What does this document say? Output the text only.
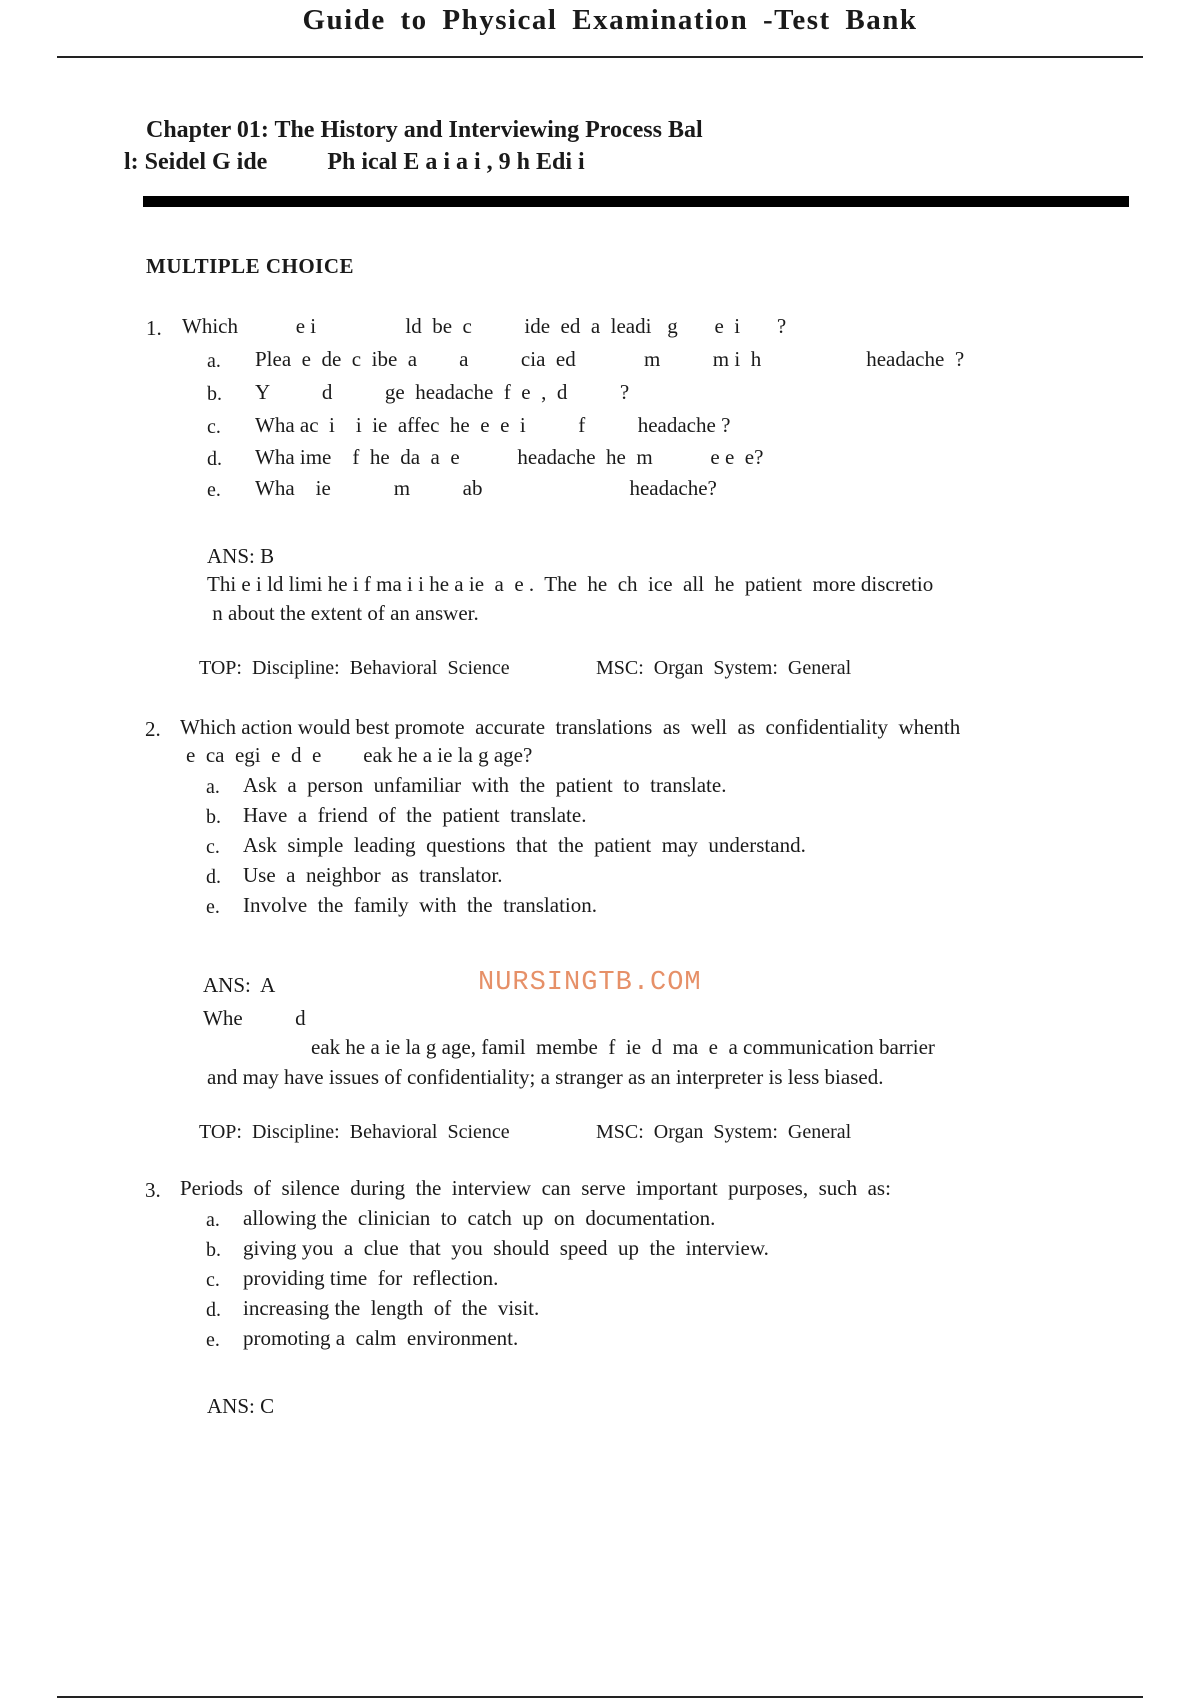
Guide to Physical Examination -Test Bank
Chapter 01: The History and Interviewing Process Bal
l: Seidel G ide          Ph ical E a i a i , 9 h Edi i
MULTIPLE CHOICE
1. Which           e i                 ld  be  c          ide  ed  a  leadi   g       e  i       ?
a. Plea  e  de  c  ibe  a        a          cia  ed             m          m i  h                    headache  ?
b. Y          d          ge  headache  f  e  ,  d          ?
c. Wha ac  i    i  ie  affec  he  e  e  i          f          headache ?
d. Wha ime    f  he  da  a  e           headache  he  m           e e  e?
e. Wha    ie            m          ab                            headache?
ANS: B
Thi e i ld limi he i f ma i i he a ie  a  e .  The  he  ch  ice  all  he  patient  more discretio
n about the extent of an answer.
TOP:  Discipline:  Behavioral  Science	MSC:  Organ  System:  General
2. Which action would best promote  accurate  translations  as  well  as  confidentiality  whenth
e  ca  egi  e  d  e        eak he a ie la g age?
a. Ask  a  person  unfamiliar  with  the  patient  to  translate.
b. Have  a  friend  of  the  patient  translate.
c. Ask  simple  leading  questions  that  the  patient  may  understand.
d. Use  a  neighbor  as  translator.
e. Involve  the  family  with  the  translation.
ANS:  A	NURSINGTB.COM
Whe          d
eak he a ie la g age, famil  membe  f  ie  d  ma  e  a communication barrier
and may have issues of confidentiality; a stranger as an interpreter is less biased.
TOP:  Discipline:  Behavioral  Science	MSC:  Organ  System:  General
3. Periods  of  silence  during  the  interview  can  serve  important  purposes,  such  as:
a. allowing the  clinician  to  catch  up  on  documentation.
b. giving you  a  clue  that  you  should  speed  up  the  interview.
c. providing time  for  reflection.
d. increasing the  length  of  the  visit.
e. promoting a  calm  environment.
ANS: C
